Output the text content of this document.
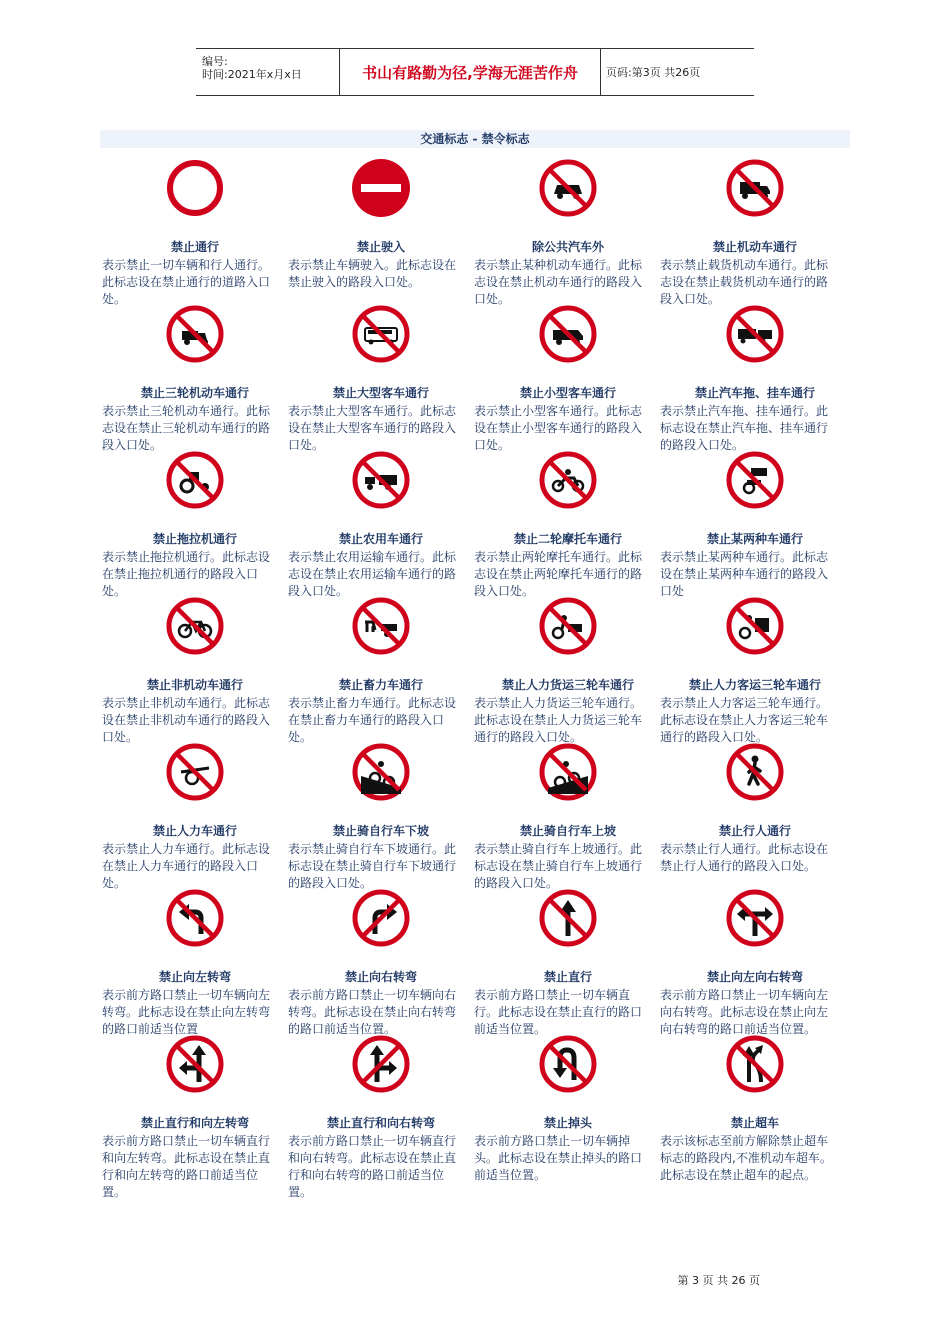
编号:
时间:2021年x月x日	书山有路勤为径,学海无涯苦作舟	页码:第3页 共26页
交通标志 - 禁令标志
禁止通行
表示禁止一切车辆和行人通行。此标志设在禁止通行的道路入口处。
禁止驶入
表示禁止车辆驶入。此标志设在禁止驶入的路段入口处。
除公共汽车外
表示禁止某种机动车通行。此标志设在禁止机动车通行的路段入口处。
禁止机动车通行
表示禁止载货机动车通行。此标志设在禁止载货机动车通行的路段入口处。
禁止三轮机动车通行
表示禁止三轮机动车通行。此标志设在禁止三轮机动车通行的路段入口处。
禁止大型客车通行
表示禁止大型客车通行。此标志设在禁止大型客车通行的路段入口处。
禁止小型客车通行
表示禁止小型客车通行。此标志设在禁止小型客车通行的路段入口处。
禁止汽车拖、挂车通行
表示禁止汽车拖、挂车通行。此标志设在禁止汽车拖、挂车通行的路段入口处。
禁止拖拉机通行
表示禁止拖拉机通行。此标志设在禁止拖拉机通行的路段入口处。
禁止农用车通行
表示禁止农用运输车通行。此标志设在禁止农用运输车通行的路段入口处。
禁止二轮摩托车通行
表示禁止两轮摩托车通行。此标志设在禁止两轮摩托车通行的路段入口处。
禁止某两种车通行
表示禁止某两种车通行。此标志设在禁止某两种车通行的路段入口处
禁止非机动车通行
表示禁止非机动车通行。此标志设在禁止非机动车通行的路段入口处。
禁止畜力车通行
表示禁止畜力车通行。此标志设在禁止畜力车通行的路段入口处。
禁止人力货运三轮车通行
表示禁止人力货运三轮车通行。此标志设在禁止人力货运三轮车通行的路段入口处。
禁止人力客运三轮车通行
表示禁止人力客运三轮车通行。此标志设在禁止人力客运三轮车通行的路段入口处。
禁止人力车通行
表示禁止人力车通行。此标志设在禁止人力车通行的路段入口处。
禁止骑自行车下坡
表示禁止骑自行车下坡通行。此标志设在禁止骑自行车下坡通行的路段入口处。
禁止骑自行车上坡
表示禁止骑自行车上坡通行。此标志设在禁止骑自行车上坡通行的路段入口处。
禁止行人通行
表示禁止行人通行。此标志设在禁止行人通行的路段入口处。
禁止向左转弯
表示前方路口禁止一切车辆向左转弯。此标志设在禁止向左转弯的路口前适当位置
禁止向右转弯
表示前方路口禁止一切车辆向右转弯。此标志设在禁止向右转弯的路口前适当位置。
禁止直行
表示前方路口禁止一切车辆直行。此标志设在禁止直行的路口前适当位置。
禁止向左向右转弯
表示前方路口禁止一切车辆向左向右转弯。此标志设在禁止向左向右转弯的路口前适当位置。
禁止直行和向左转弯
表示前方路口禁止一切车辆直行和向左转弯。此标志设在禁止直行和向左转弯的路口前适当位置。
禁止直行和向右转弯
表示前方路口禁止一切车辆直行和向右转弯。此标志设在禁止直行和向右转弯的路口前适当位置。
禁止掉头
表示前方路口禁止一切车辆掉头。此标志设在禁止掉头的路口前适当位置。
禁止超车
表示该标志至前方解除禁止超车标志的路段内,不准机动车超车。此标志设在禁止超车的起点。
第 3 页 共 26 页
